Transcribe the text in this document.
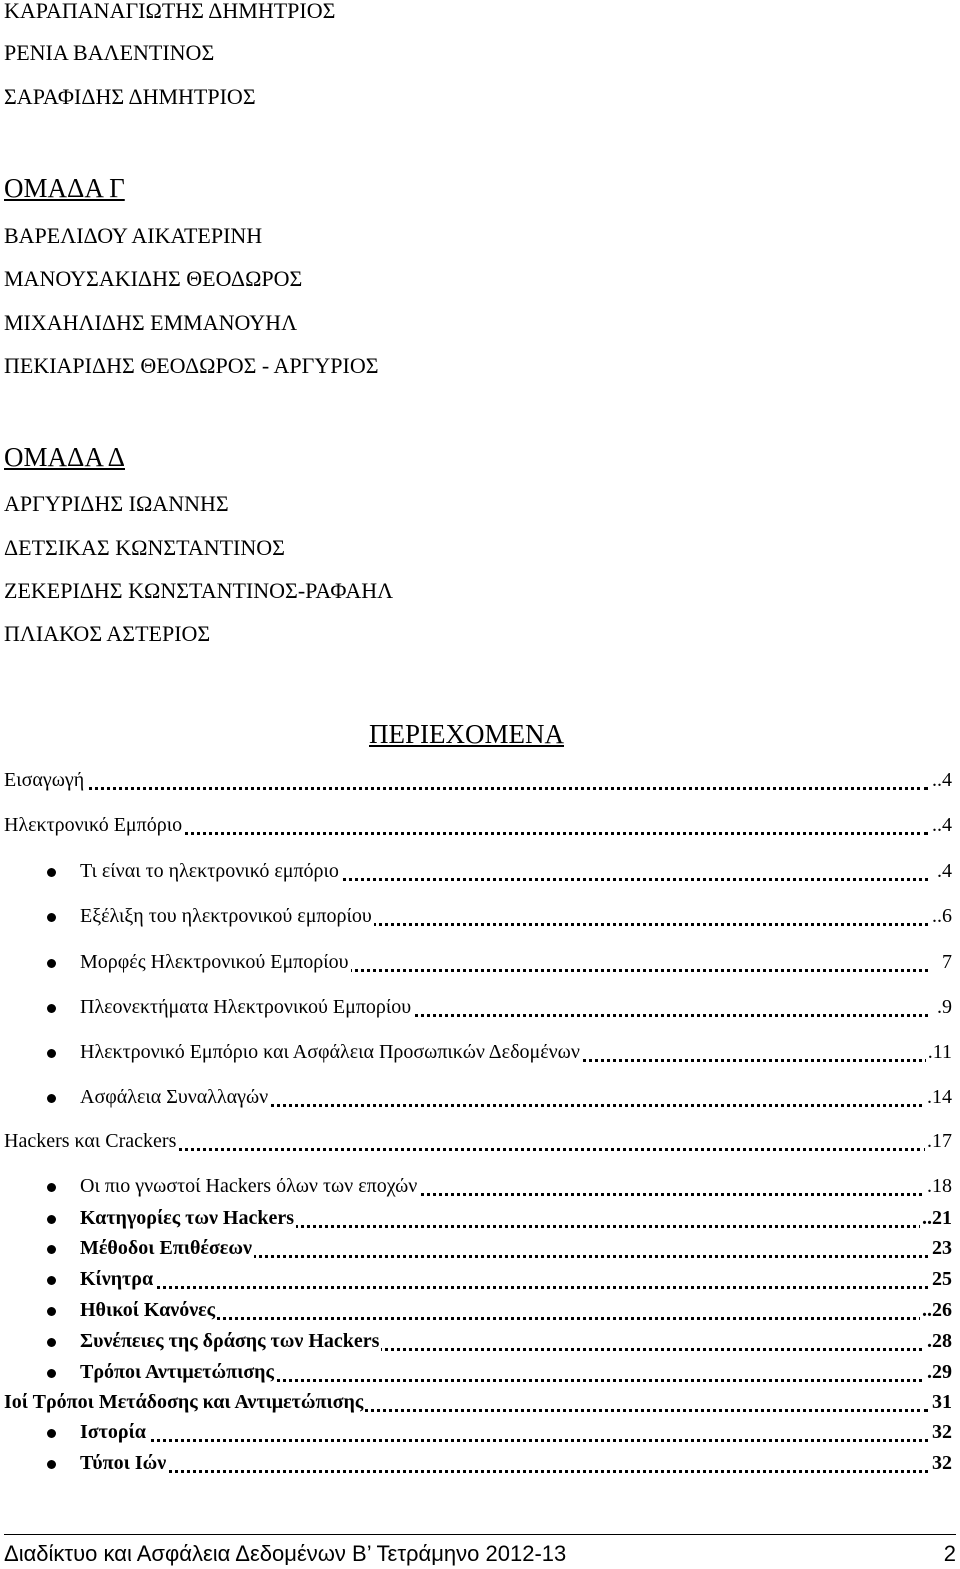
ΚΑΡΑΠΑΝΑΓΙΩΤΗΣ ΔΗΜΗΤΡΙΟΣ
ΡΕΝΙΑ ΒΑΛΕΝΤΙΝΟΣ
ΣΑΡΑΦΙΔΗΣ ΔΗΜΗΤΡΙΟΣ
ΟΜΑΔΑ Γ
ΒΑΡΕΛΙΔΟΥ ΑΙΚΑΤΕΡΙΝΗ
ΜΑΝΟΥΣΑΚΙΔΗΣ ΘΕΟΔΩΡΟΣ
ΜΙΧΑΗΛΙΔΗΣ ΕΜΜΑΝΟΥΗΛ
ΠΕΚΙΑΡΙΔΗΣ ΘΕΟΔΩΡΟΣ - ΑΡΓΥΡΙΟΣ
ΟΜΑΔΑ Δ
ΑΡΓΥΡΙΔΗΣ ΙΩΑΝΝΗΣ
ΔΕΤΣΙΚΑΣ ΚΩΝΣΤΑΝΤΙΝΟΣ
ΖΕΚΕΡΙΔΗΣ ΚΩΝΣΤΑΝΤΙΝΟΣ-ΡΑΦΑΗΛ
ΠΛΙΑΚΟΣ ΑΣΤΕΡΙΟΣ
ΠΕΡΙΕΧΟΜΕΝΑ
Εισαγωγή	..4
Ηλεκτρονικό Εμπόριο	..4
Τι είναι το ηλεκτρονικό εμπόριο	.4
Εξέλιξη του ηλεκτρονικού εμπορίου	..6
Μορφές Ηλεκτρονικού Εμπορίου	7
Πλεονεκτήματα Ηλεκτρονικού Εμπορίου	.9
Ηλεκτρονικό Εμπόριο και Ασφάλεια Προσωπικών Δεδομένων	.11
Ασφάλεια Συναλλαγών	.14
Hackers και Crackers	.17
Οι πιο γνωστοί Hackers όλων των εποχών	.18
Κατηγορίες των Hackers	..21
Μέθοδοι Επιθέσεων	23
Κίνητρα	25
Ηθικοί Κανόνες	..26
Συνέπειες της δράσης των Hackers	.28
Τρόποι Αντιμετώπισης	.29
Ιοί Τρόποι Μετάδοσης και Αντιμετώπισης	31
Ιστορία	32
Τύποι Ιών	32
Διαδίκτυο και Ασφάλεια Δεδομένων Β’ Τετράμηνο 2012-13	2
